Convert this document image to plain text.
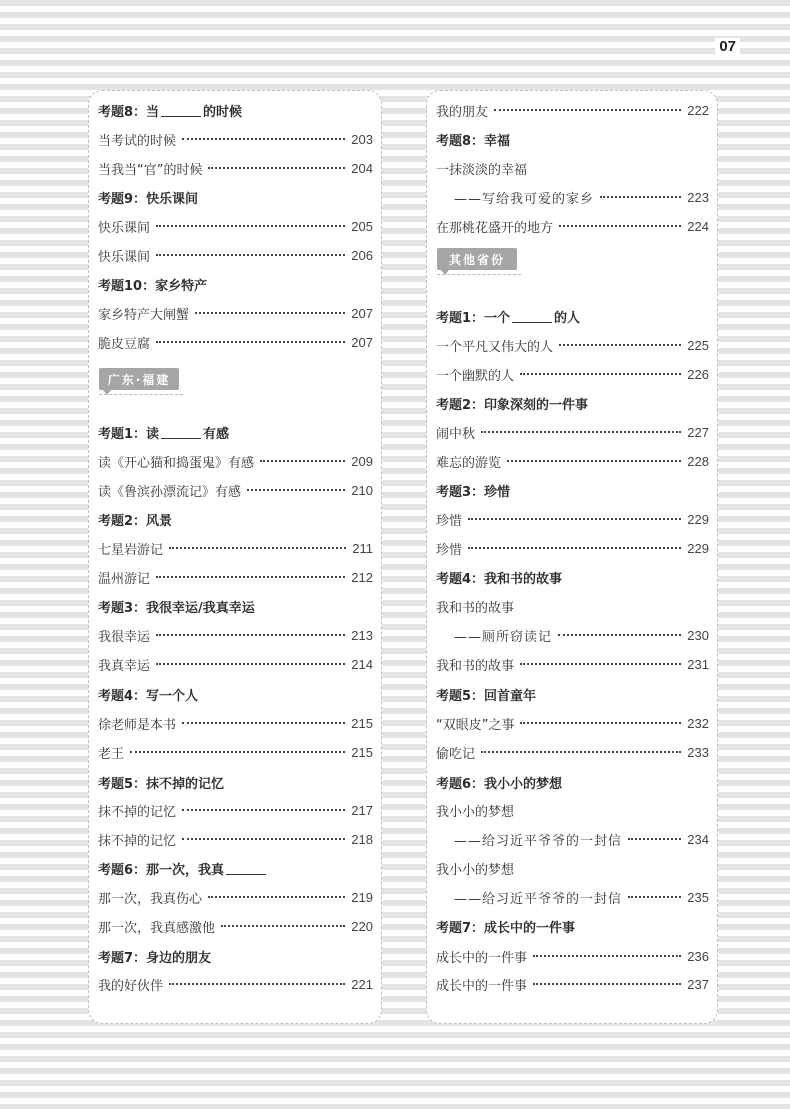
07
考题8：当	的时候
当考试的时候	203
当我当“官”的时候	204
考题9：快乐课间
快乐课间	205
快乐课间	206
考题10：家乡特产
家乡特产大闸蟹	207
脆皮豆腐	207
广东·福建
考题1：读	有感
读《开心猫和捣蛋鬼》有感	209
读《鲁滨孙漂流记》有感	210
考题2：风景
七星岩游记	211
温州游记	212
考题3：我很幸运/我真幸运
我很幸运	213
我真幸运	214
考题4：写一个人
徐老师是本书	215
老王	215
考题5：抹不掉的记忆
抹不掉的记忆	217
抹不掉的记忆	218
考题6：那一次，我真
那一次，我真伤心	219
那一次，我真感激他	220
考题7：身边的朋友
我的好伙伴	221
我的朋友	222
考题8：幸福
一抹淡淡的幸福
——写给我可爱的家乡	223
在那桃花盛开的地方	224
其他省份
考题1：一个	的人
一个平凡又伟大的人	225
一个幽默的人	226
考题2：印象深刻的一件事
闹中秋	227
难忘的游览	228
考题3：珍惜
珍惜	229
珍惜	229
考题4：我和书的故事
我和书的故事
——厕所窃读记	230
我和书的故事	231
考题5：回首童年
“双眼皮”之事	232
偷吃记	233
考题6：我小小的梦想
我小小的梦想
——给习近平爷爷的一封信	234
我小小的梦想
——给习近平爷爷的一封信	235
考题7：成长中的一件事
成长中的一件事	236
成长中的一件事	237
